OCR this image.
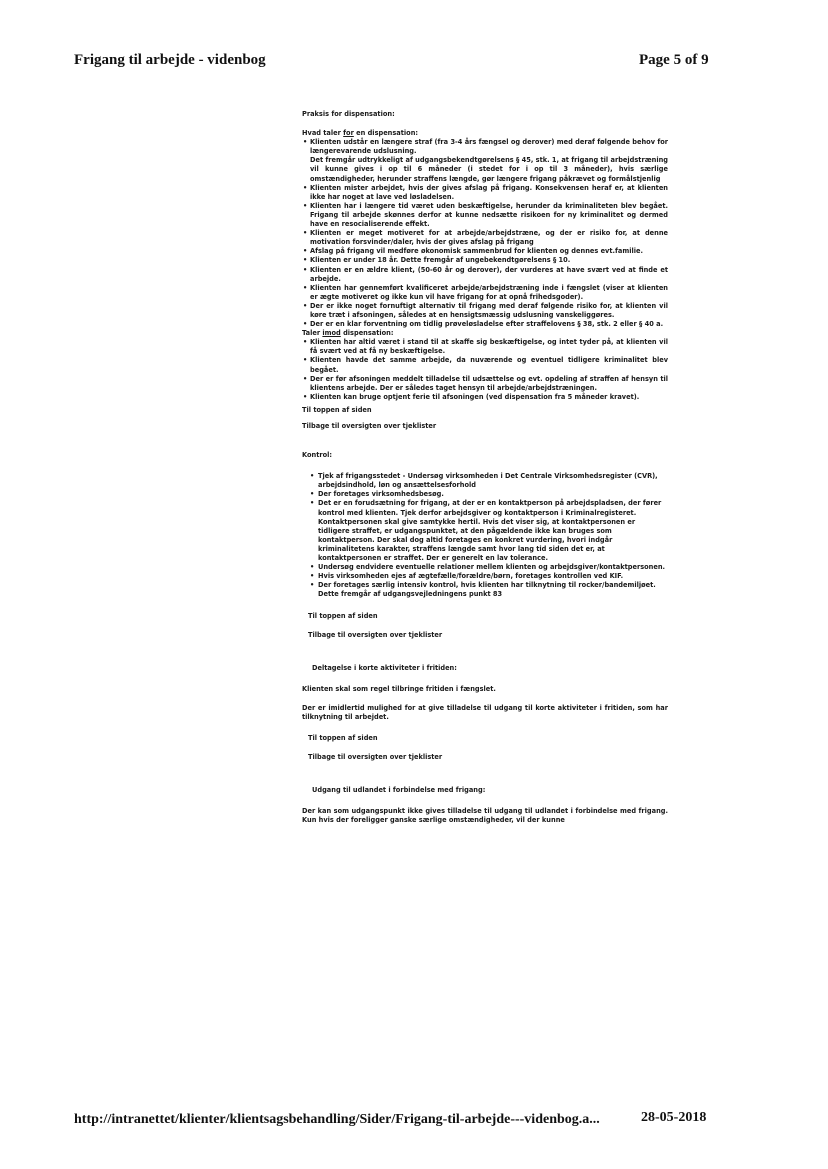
Frigang til arbejde - videnbog	Page 5 of 9

Praksis for dispensation:

Hvad taler for en dispensation:

• Klienten udstår en længere straf (fra 3-4 års fængsel og derover) med deraf følgende behov for længerevarende udslusning.

Det fremgår udtrykkeligt af udgangsbekendtgørelsens § 45, stk. 1, at frigang til arbejdstræning vil kunne gives i op til 6 måneder (i stedet for i op til 3 måneder), hvis særlige omstændigheder, herunder straffens længde, gør længere frigang påkrævet og formålstjenlig

• Klienten mister arbejdet, hvis der gives afslag på frigang. Konsekvensen heraf er, at klienten ikke har noget at lave ved løsladelsen.
• Klienten har i længere tid været uden beskæftigelse, herunder da kriminaliteten blev begået. Frigang til arbejde skønnes derfor at kunne nedsætte risikoen for ny kriminalitet og dermed have en resocialiserende effekt.
• Klienten er meget motiveret for at arbejde/arbejdstræne, og der er risiko for, at denne motivation forsvinder/daler, hvis der gives afslag på frigang
• Afslag på frigang vil medføre økonomisk sammenbrud for klienten og dennes evt.familie.
• Klienten er under 18 år. Dette fremgår af ungebekendtgørelsens § 10.
• Klienten er en ældre klient, (50-60 år og derover), der vurderes at have svært ved at finde et arbejde.
• Klienten har gennemført kvalificeret arbejde/arbejdstræning inde i fængslet (viser at klienten er ægte motiveret og ikke kun vil have frigang for at opnå frihedsgoder).
• Der er ikke noget fornuftigt alternativ til frigang med deraf følgende risiko for, at klienten vil køre træt i afsoningen, således at en hensigtsmæssig udslusning vanskeliggøres.
• Der er en klar forventning om tidlig prøveløsladelse efter straffelovens § 38, stk. 2 eller § 40 a.

Taler imod dispensation:

• Klienten har altid været i stand til at skaffe sig beskæftigelse, og intet tyder på, at klienten vil få svært ved at få ny beskæftigelse.
• Klienten havde det samme arbejde, da nuværende og eventuel tidligere kriminalitet blev begået.
• Der er før afsoningen meddelt tilladelse til udsættelse og evt. opdeling af straffen af hensyn til klientens arbejde. Der er således taget hensyn til arbejde/arbejdstræningen.
• Klienten kan bruge optjent ferie til afsoningen (ved dispensation fra 5 måneder kravet).

Til toppen af siden

Tilbage til oversigten over tjeklister

Kontrol:

• Tjek af frigangsstedet - Undersøg virksomheden i Det Centrale Virksomhedsregister (CVR), arbejdsindhold, løn og ansættelsesforhold
• Der foretages virksomhedsbesøg.
• Det er en forudsætning for frigang, at der er en kontaktperson på arbejdspladsen, der fører kontrol med klienten. Tjek derfor arbejdsgiver og kontaktperson i Kriminalregisteret. Kontaktpersonen skal give samtykke hertil. Hvis det viser sig, at kontaktpersonen er tidligere straffet, er udgangspunktet, at den pågældende ikke kan bruges som kontaktperson. Der skal dog altid foretages en konkret vurdering, hvori indgår kriminalitetens karakter, straffens længde samt hvor lang tid siden det er, at kontaktpersonen er straffet. Der er generelt en lav tolerance.
• Undersøg endvidere eventuelle relationer mellem klienten og arbejdsgiver/kontaktpersonen.
• Hvis virksomheden ejes af ægtefælle/forældre/børn, foretages kontrollen ved KIF.
• Der foretages særlig intensiv kontrol, hvis klienten har tilknytning til rocker/bandemiljøet. Dette fremgår af udgangsvejledningens punkt 83

Til toppen af siden

Tilbage til oversigten over tjeklister

Deltagelse i korte aktiviteter i fritiden:

Klienten skal som regel tilbringe fritiden i fængslet.

Der er imidlertid mulighed for at give tilladelse til udgang til korte aktiviteter i fritiden, som har tilknytning til arbejdet.

Til toppen af siden

Tilbage til oversigten over tjeklister

Udgang til udlandet i forbindelse med frigang:

Der kan som udgangspunkt ikke gives tilladelse til udgang til udlandet i forbindelse med frigang. Kun hvis der foreligger ganske særlige omstændigheder, vil der kunne

http://intranettet/klienter/klientsagsbehandling/Sider/Frigang-til-arbejde---videnbog.a...	28-05-2018
